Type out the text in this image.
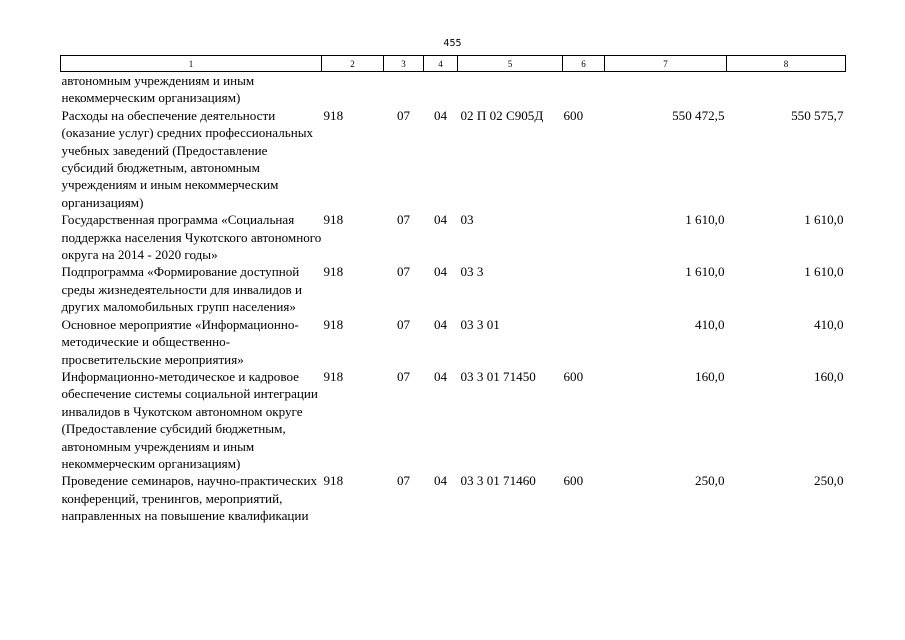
455
1	2	3	4	5	6	7	8
автономным учреждениям и иным некоммерческим организациям)							
Расходы на обеспечение деятельности (оказание услуг) средних профессиональных учебных заведений (Предоставление субсидий бюджетным, автономным учреждениям и иным некоммерческим организациям)	918	07	04	02 П 02 С905Д	600	550 472,5	550 575,7
Государственная программа «Социальная поддержка населения Чукотского автономного округа на 2014 - 2020 годы»	918	07	04	03		1 610,0	1 610,0
Подпрограмма «Формирование доступной среды жизнедеятельности для инвалидов и других маломобильных групп населения»	918	07	04	03 3		1 610,0	1 610,0
Основное мероприятие «Информационно-методические и общественно-просветительские мероприятия»	918	07	04	03 3 01		410,0	410,0
Информационно-методическое и кадровое обеспечение системы социальной интеграции инвалидов в Чукотском автономном округе (Предоставление субсидий бюджетным, автономным учреждениям и иным некоммерческим организациям)	918	07	04	03 3 01 71450	600	160,0	160,0
Проведение семинаров, научно-практических конференций, тренингов, мероприятий, направленных на повышение квалификации	918	07	04	03 3 01 71460	600	250,0	250,0
